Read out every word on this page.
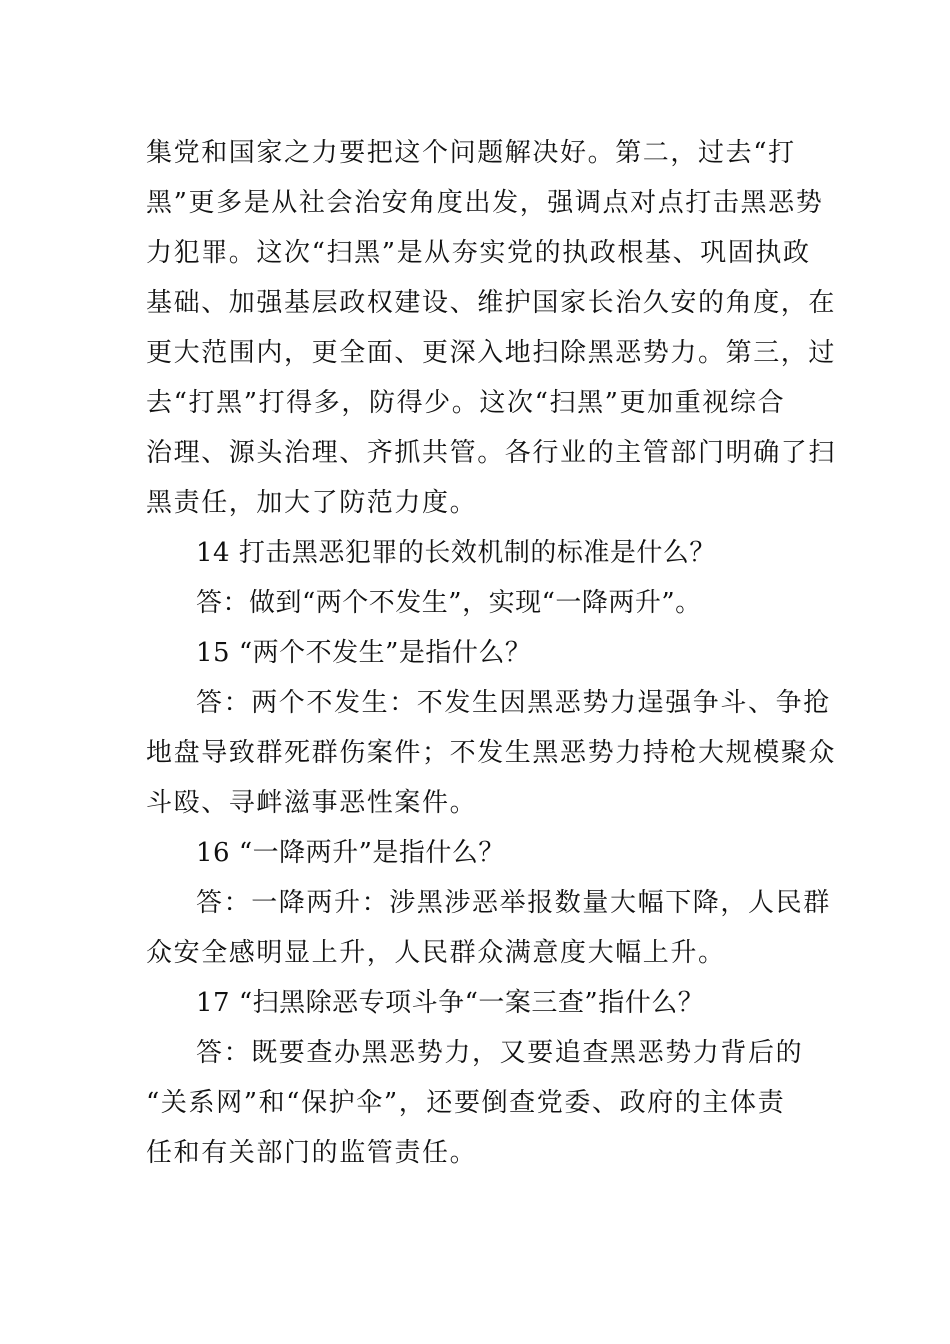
集党和国家之力要把这个问题解决好。第二，过去“打
黑”更多是从社会治安角度出发，强调点对点打击黑恶势
力犯罪。这次“扫黑”是从夯实党的执政根基、巩固执政
基础、加强基层政权建设、维护国家长治久安的角度，在
更大范围内，更全面、更深入地扫除黑恶势力。第三，过
去“打黑”打得多，防得少。这次“扫黑”更加重视综合
治理、源头治理、齐抓共管。各行业的主管部门明确了扫
黑责任，加大了防范力度。
14 打击黑恶犯罪的长效机制的标准是什么？
答：做到“两个不发生”，实现“一降两升”。
15 “两个不发生”是指什么？
答：两个不发生：不发生因黑恶势力逞强争斗、争抢
地盘导致群死群伤案件；不发生黑恶势力持枪大规模聚众
斗殴、寻衅滋事恶性案件。
16 “一降两升”是指什么？
答：一降两升：涉黑涉恶举报数量大幅下降，人民群
众安全感明显上升，人民群众满意度大幅上升。
17 “扫黑除恶专项斗争“一案三查”指什么？
答：既要查办黑恶势力，又要追查黑恶势力背后的
“关系网”和“保护伞”，还要倒查党委、政府的主体责
任和有关部门的监管责任。
